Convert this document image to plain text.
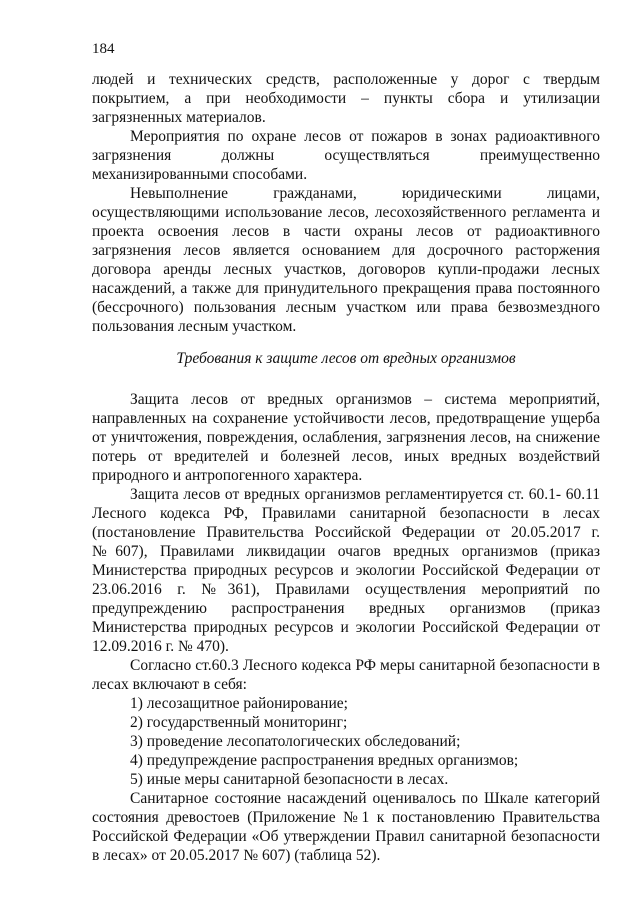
184

людей и технических средств, расположенные у дорог с твердым покрытием, а при необходимости – пункты сбора и утилизации загрязненных материалов.

Мероприятия по охране лесов от пожаров в зонах радиоактивного загрязнения должны осуществляться преимущественно механизированными способами.

Невыполнение гражданами, юридическими лицами, осуществляющими использование лесов, лесохозяйственного регламента и проекта освоения лесов в части охраны лесов от радиоактивного загрязнения лесов является основанием для досрочного расторжения договора аренды лесных участков, договоров купли-продажи лесных насаждений, а также для принудительного прекращения права постоянного (бессрочного) пользования лесным участком или права безвозмездного пользования лесным участком.

Требования к защите лесов от вредных организмов

Защита лесов от вредных организмов – система мероприятий, направленных на сохранение устойчивости лесов, предотвращение ущерба от уничтожения, повреждения, ослабления, загрязнения лесов, на снижение потерь от вредителей и болезней лесов, иных вредных воздействий природного и антропогенного характера.

Защита лесов от вредных организмов регламентируется ст. 60.1- 60.11 Лесного кодекса РФ, Правилами санитарной безопасности в лесах (постановление Правительства Российской Федерации от 20.05.2017 г. №607), Правилами ликвидации очагов вредных организмов (приказ Министерства природных ресурсов и экологии Российской Федерации от 23.06.2016 г. №361), Правилами осуществления мероприятий по предупреждению распространения вредных организмов (приказ Министерства природных ресурсов и экологии Российской Федерации от 12.09.2016 г. № 470).

Согласно ст.60.3 Лесного кодекса РФ меры санитарной безопасности в лесах включают в себя:

1) лесозащитное районирование;

2) государственный мониторинг;

3) проведение лесопатологических обследований;

4) предупреждение распространения вредных организмов;

5) иные меры санитарной безопасности в лесах.

Санитарное состояние насаждений оценивалось по Шкале категорий состояния древостоев (Приложение №1 к постановлению Правительства Российской Федерации «Об утверждении Правил санитарной безопасности в лесах» от 20.05.2017 № 607) (таблица 52).
